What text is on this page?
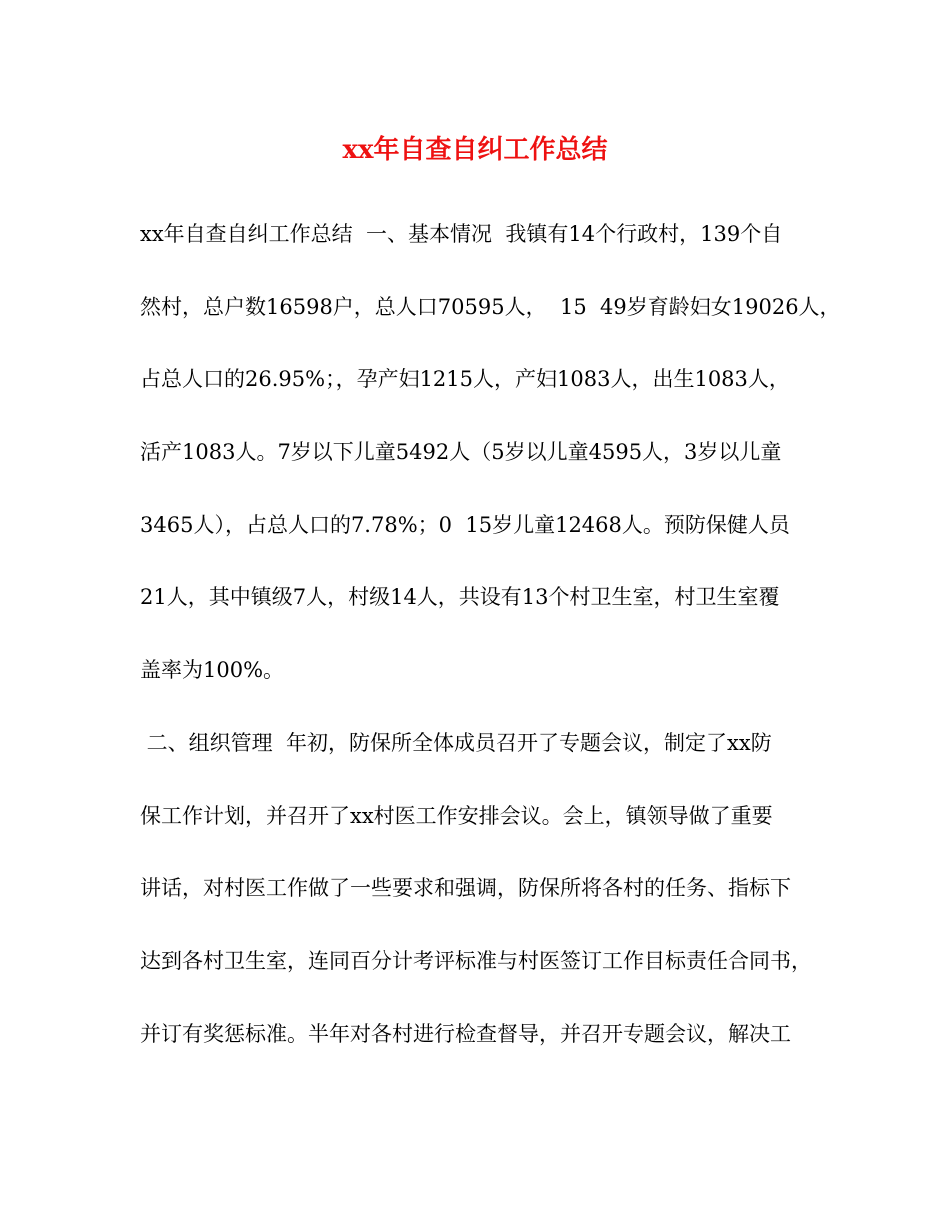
xx年自查自纠工作总结
xx年自查自纠工作总结  一、基本情况  我镇有14个行政村，139个自
然村，总户数16598户，总人口70595人，  15  49岁育龄妇女19026人，
占总人口的26.95%；，孕产妇1215人，产妇1083人，出生1083人，
活产1083人。7岁以下儿童5492人（5岁以儿童4595人，3岁以儿童
3465人），占总人口的7.78%；0  15岁儿童12468人。预防保健人员
21人，其中镇级7人，村级14人，共设有13个村卫生室，村卫生室覆
盖率为100%。
二、组织管理  年初，防保所全体成员召开了专题会议，制定了xx防
保工作计划，并召开了xx村医工作安排会议。会上，镇领导做了重要
讲话，对村医工作做了一些要求和强调，防保所将各村的任务、指标下
达到各村卫生室，连同百分计考评标准与村医签订工作目标责任合同书，
并订有奖惩标准。半年对各村进行检查督导，并召开专题会议，解决工
